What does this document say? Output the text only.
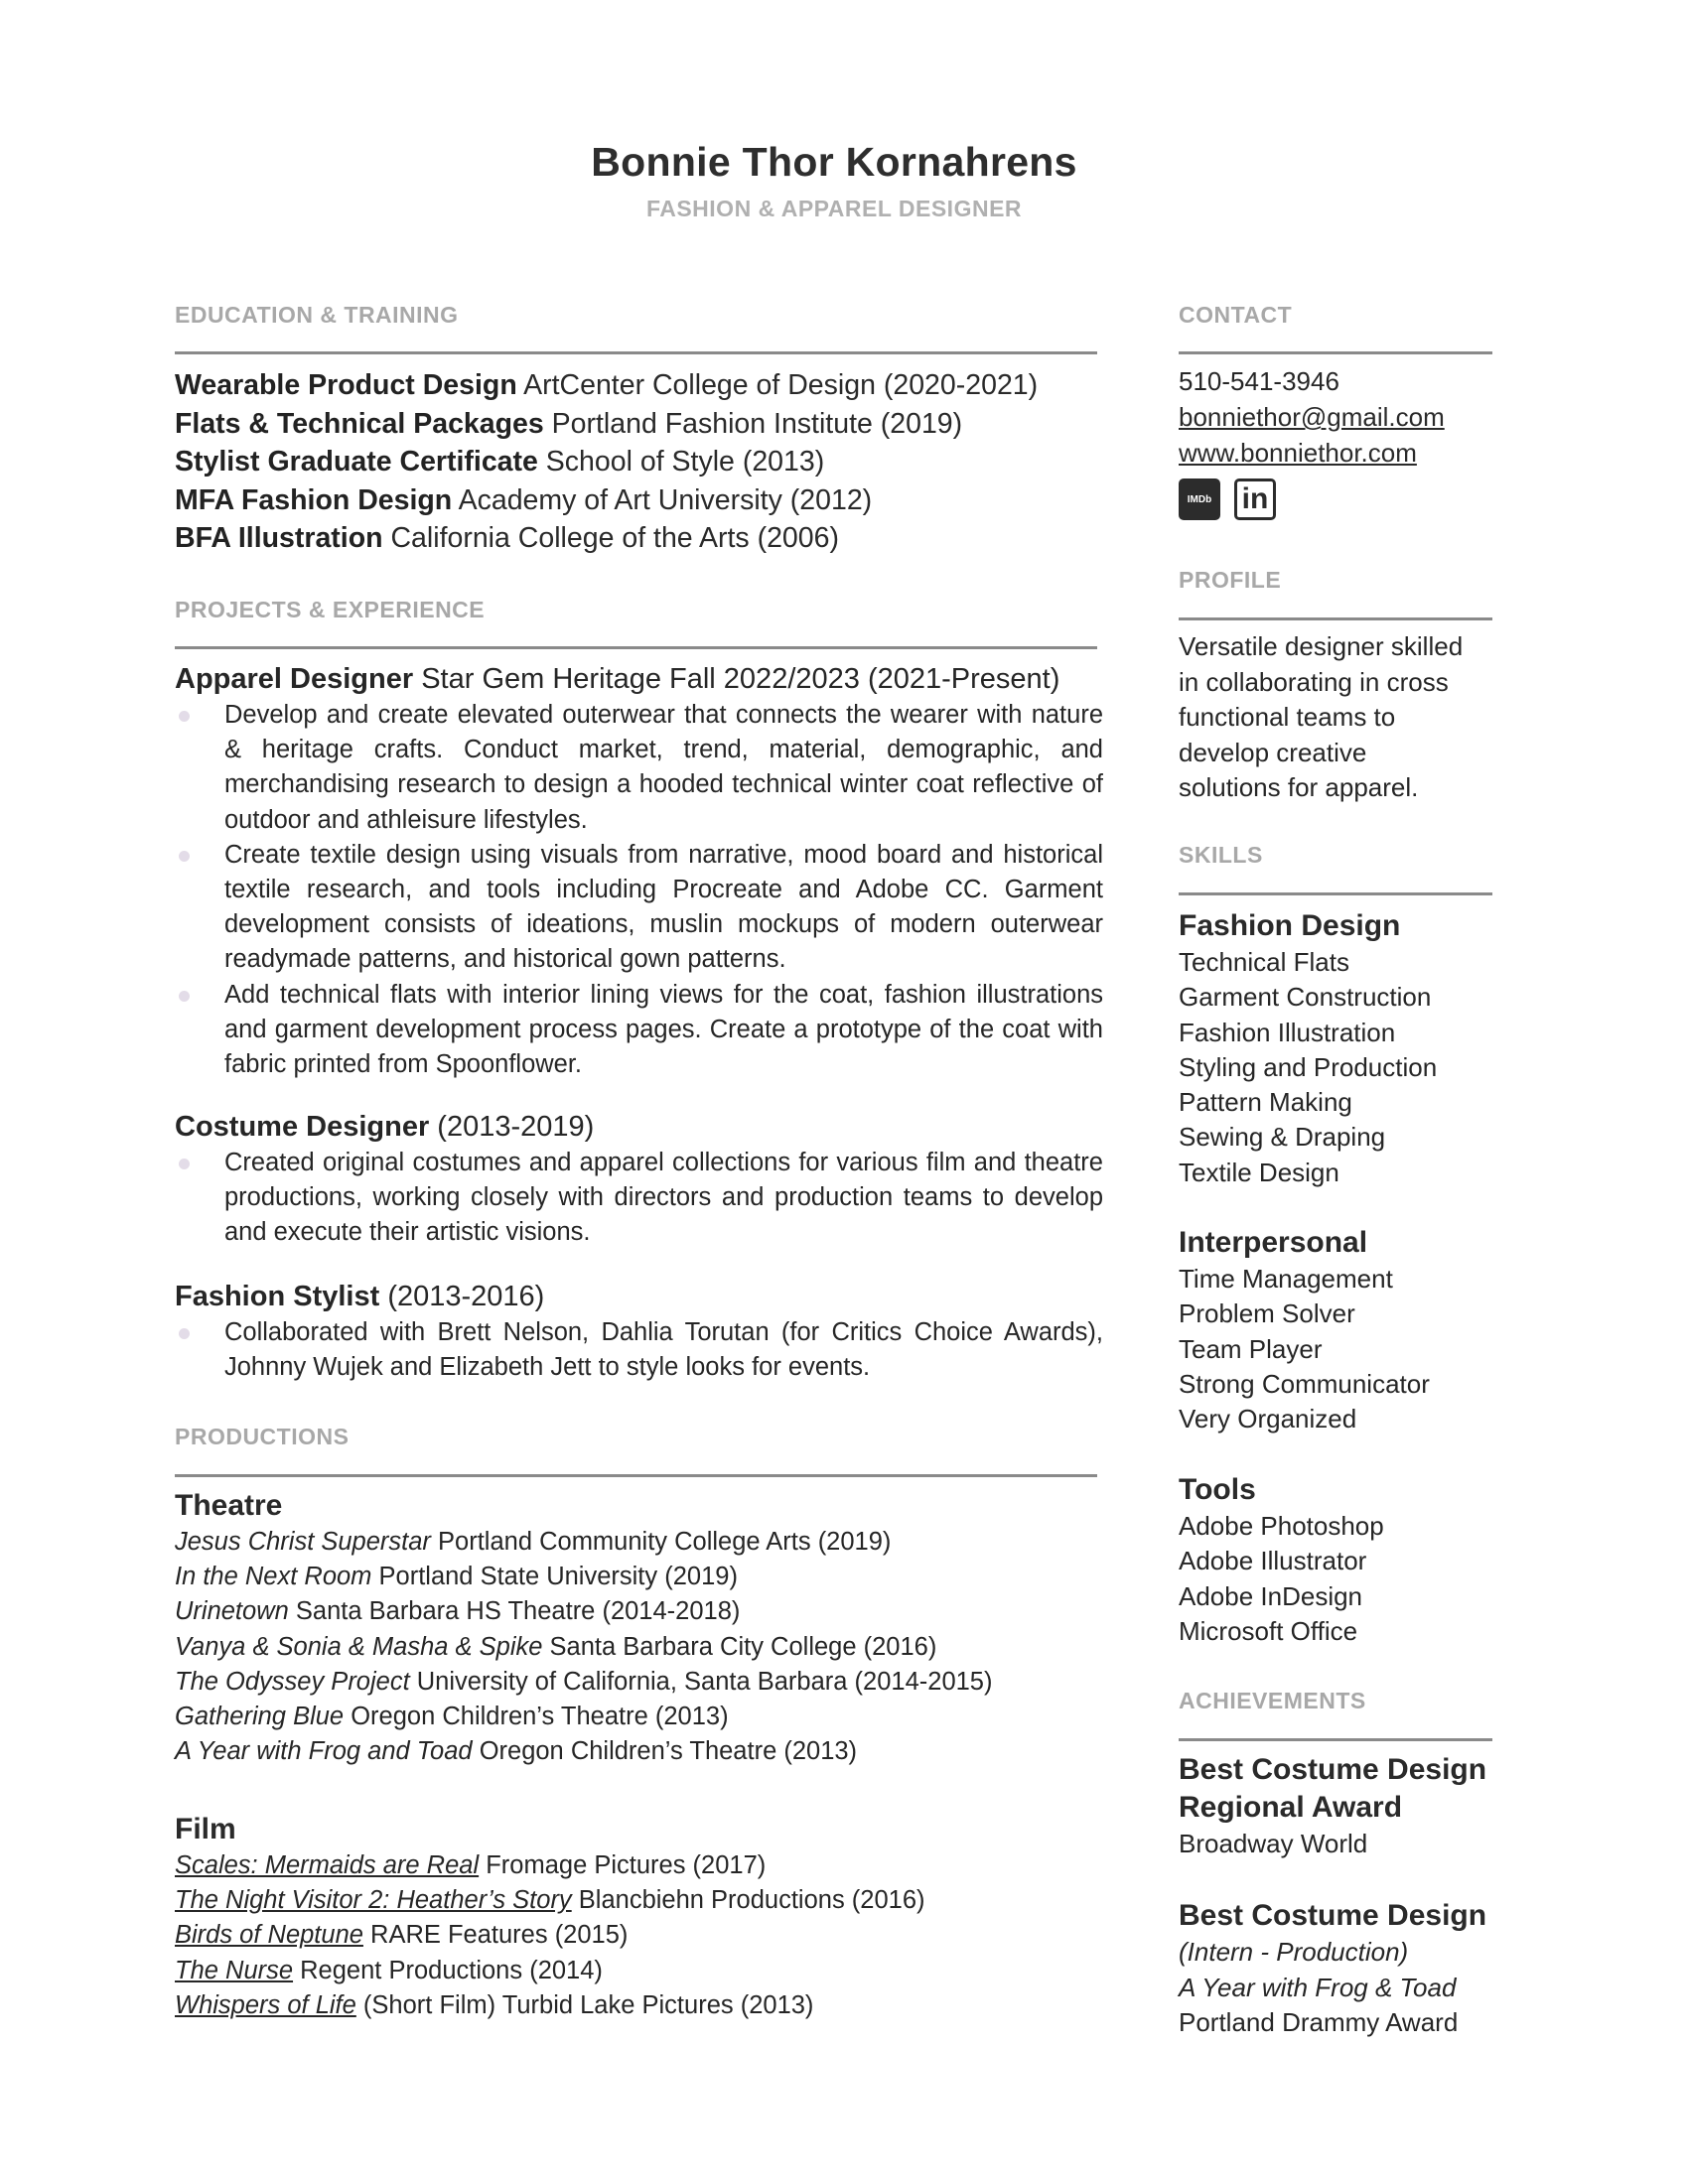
Bonnie Thor Kornahrens
FASHION & APPAREL DESIGNER
EDUCATION & TRAINING
Wearable Product Design ArtCenter College of Design (2020-2021)
Flats & Technical Packages Portland Fashion Institute (2019)
Stylist Graduate Certificate School of Style (2013)
MFA Fashion Design Academy of Art University (2012)
BFA Illustration California College of the Arts (2006)
PROJECTS & EXPERIENCE
Apparel Designer Star Gem Heritage Fall 2022/2023 (2021-Present)
Develop and create elevated outerwear that connects the wearer with nature & heritage crafts. Conduct market, trend, material, demographic, and merchandising research to design a hooded technical winter coat reflective of outdoor and athleisure lifestyles.
Create textile design using visuals from narrative, mood board and historical textile research, and tools including Procreate and Adobe CC. Garment development consists of ideations, muslin mockups of modern outerwear readymade patterns, and historical gown patterns.
Add technical flats with interior lining views for the coat, fashion illustrations and garment development process pages. Create a prototype of the coat with fabric printed from Spoonflower.
Costume Designer (2013-2019)
Created original costumes and apparel collections for various film and theatre productions, working closely with directors and production teams to develop and execute their artistic visions.
Fashion Stylist (2013-2016)
Collaborated with Brett Nelson, Dahlia Torutan (for Critics Choice Awards), Johnny Wujek and Elizabeth Jett to style looks for events.
PRODUCTIONS
Theatre
Jesus Christ Superstar Portland Community College Arts (2019)
In the Next Room Portland State University (2019)
Urinetown Santa Barbara HS Theatre (2014-2018)
Vanya & Sonia & Masha & Spike Santa Barbara City College (2016)
The Odyssey Project University of California, Santa Barbara (2014-2015)
Gathering Blue Oregon Children’s Theatre (2013)
A Year with Frog and Toad Oregon Children’s Theatre (2013)
Film
Scales: Mermaids are Real Fromage Pictures (2017)
The Night Visitor 2: Heather’s Story Blancbiehn Productions (2016)
Birds of Neptune RARE Features (2015)
The Nurse Regent Productions (2014)
Whispers of Life (Short Film) Turbid Lake Pictures (2013)
CONTACT
510-541-3946
bonniethor@gmail.com
www.bonniethor.com
IMDb in
PROFILE
Versatile designer skilled
in collaborating in cross
functional teams to
develop creative
solutions for apparel.
SKILLS
Fashion Design
Technical Flats
Garment Construction
Fashion Illustration
Styling and Production
Pattern Making
Sewing & Draping
Textile Design
Interpersonal
Time Management
Problem Solver
Team Player
Strong Communicator
Very Organized
Tools
Adobe Photoshop
Adobe Illustrator
Adobe InDesign
Microsoft Office
ACHIEVEMENTS
Best Costume Design
Regional Award
Broadway World
Best Costume Design
(Intern - Production)
A Year with Frog & Toad
Portland Drammy Award
